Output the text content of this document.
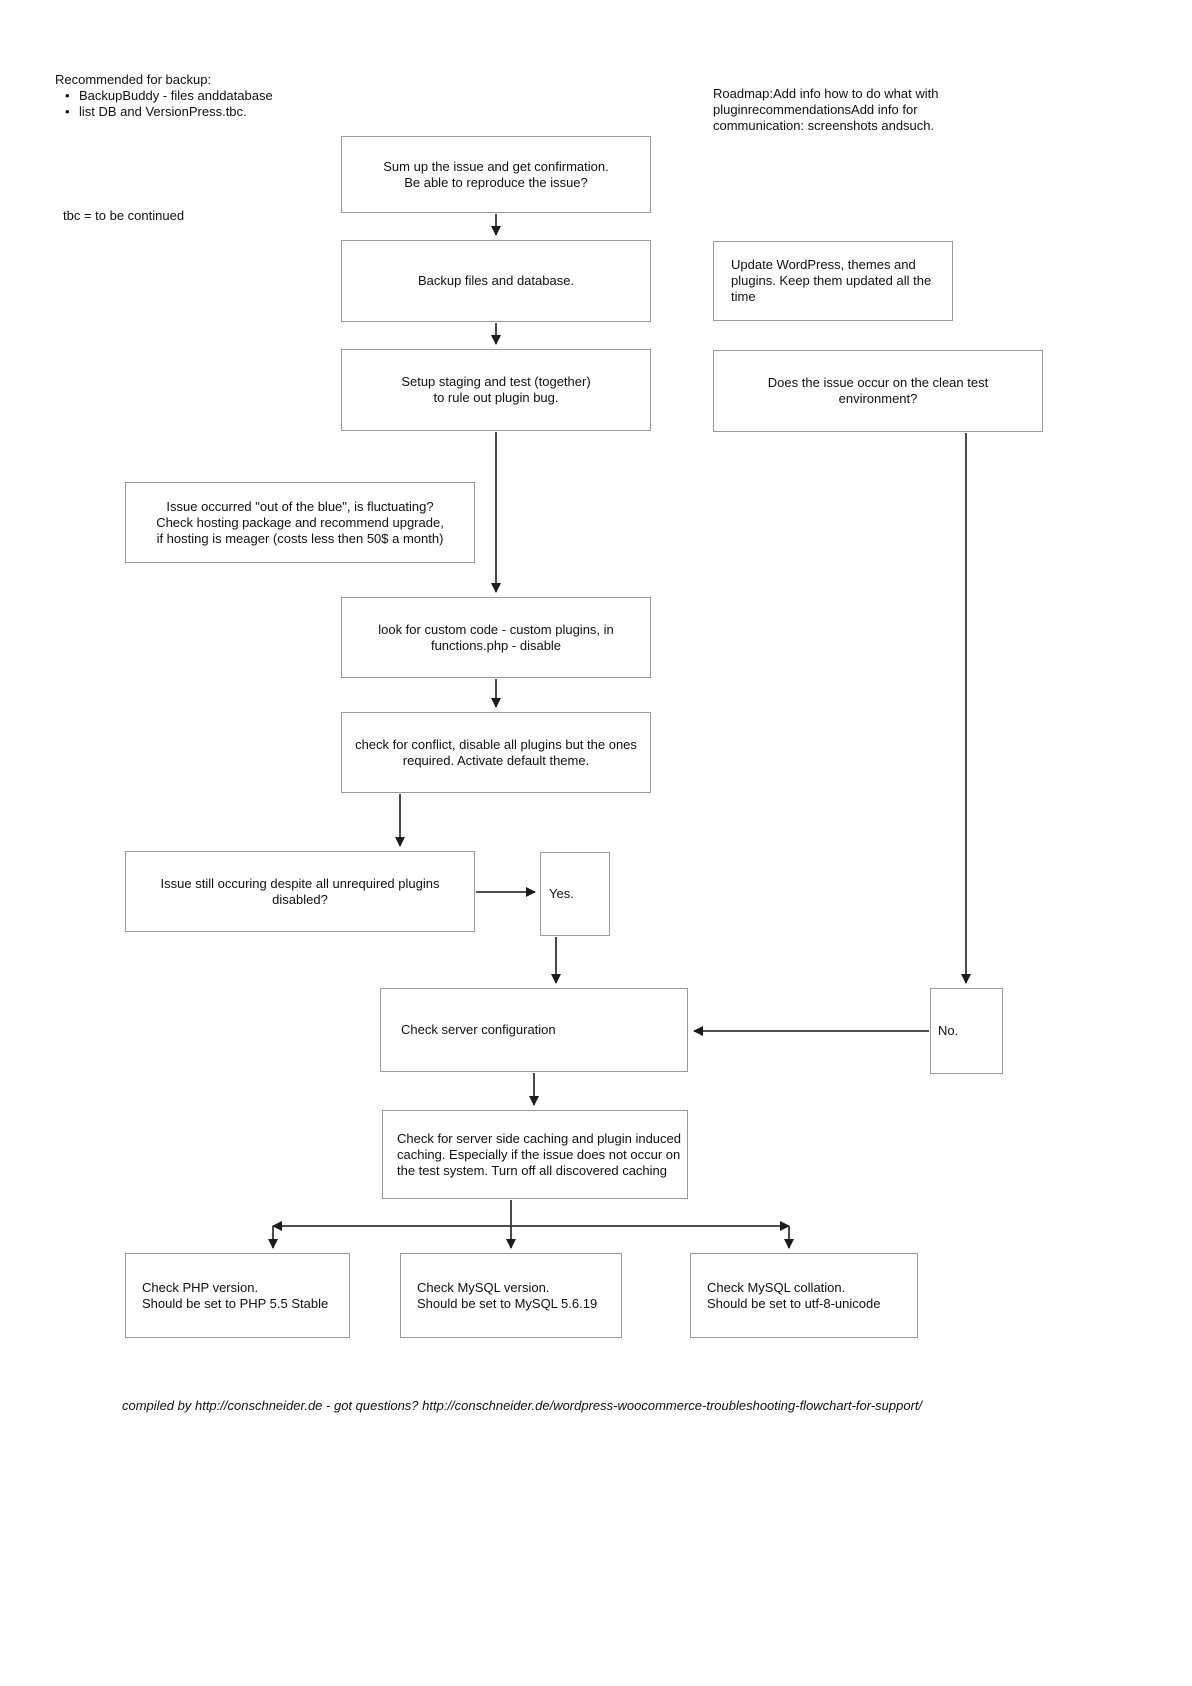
Recommended for backup:
• BackupBuddy - files anddatabase
• list DB and VersionPress.tbc.
tbc = to be continued
Roadmap:Add info how to do what with pluginrecommendationsAdd info for communication: screenshots andsuch.
Sum up the issue and get confirmation.
Be able to reproduce the issue?
Backup files and database.
Update WordPress, themes and
plugins. Keep them updated all the
time
Setup staging and test (together)
to rule out plugin bug.
Does the issue occur on the clean test
environment?
Issue occurred "out of the blue", is fluctuating?
Check hosting package and recommend upgrade,
if hosting is meager (costs less then 50$ a month)
look for custom code - custom plugins, in
functions.php - disable
check for conflict, disable all plugins but the ones
required. Activate default theme.
Issue still occuring despite all unrequired plugins
disabled?	Yes.
Check server configuration	No.
Check for server side caching and plugin induced
caching. Especially if the issue does not occur on
the test system. Turn off all discovered caching
Check PHP version.
Should be set to PHP 5.5 Stable
Check MySQL version.
Should be set to MySQL 5.6.19
Check MySQL collation.
Should be set to utf-8-unicode
compiled by http://conschneider.de - got questions? http://conschneider.de/wordpress-woocommerce-troubleshooting-flowchart-for-support/
